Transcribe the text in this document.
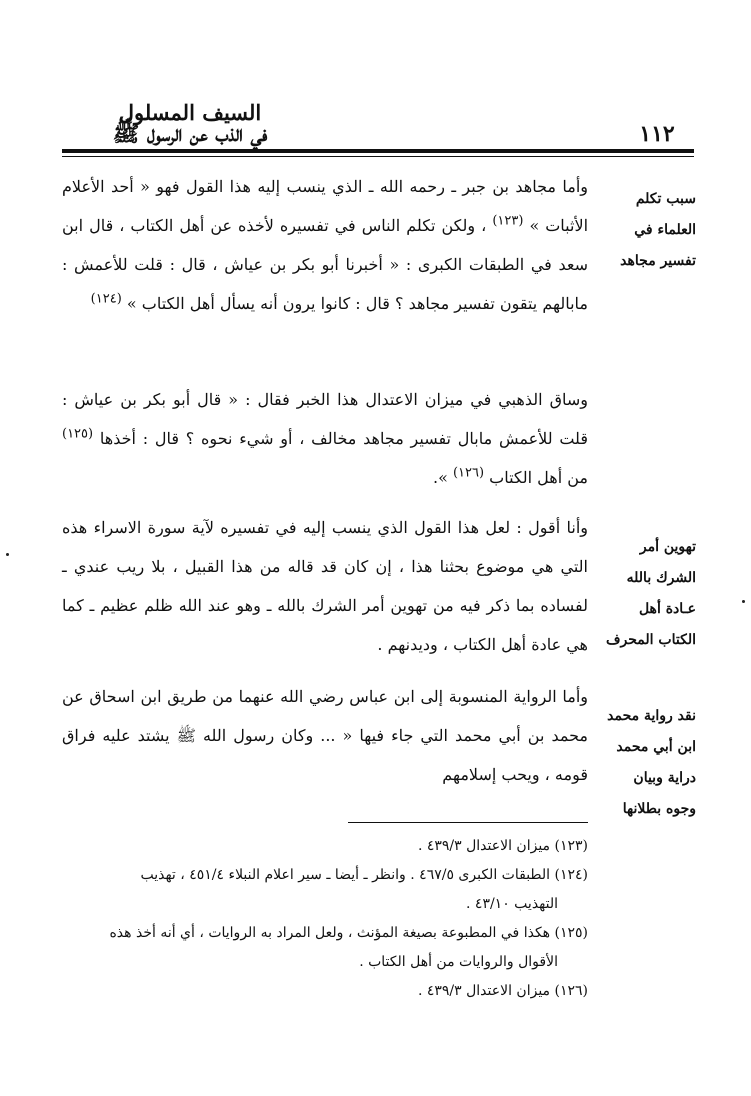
السيف المسلول
في الذب عن الرسول ﷺ	١١٢
سبب تكلم العلماء في تفسير مجاهد
تهوين أمر الشرك بالله عـادة أهل الكتاب المحرف
نقد رواية محمد ابن أبي محمد دراية وبيان وجوه بطلانها

وأما مجاهد بن جبر ـ رحمه الله ـ الذي ينسب إليه هذا القول فهو « أحد الأعلام الأثبات » $^{(١٢٣)}$ ، ولكن تكلم الناس في تفسيره لأخذه عن أهل الكتاب ، قال ابن سعد في الطبقات الكبرى : « أخبرنا أبو بكر بن عياش ، قال : قلت للأعمش : مابالهم يتقون تفسير مجاهد ؟ قال : كانوا يرون أنه يسأل أهل الكتاب » $^{(١٢٤)}$

وساق الذهبي في ميزان الاعتدال هذا الخبر فقال : « قال أبو بكر بن عياش : قلت للأعمش مابال تفسير مجاهد مخالف ، أو شيء نحوه ؟ قال : أخذها $^{(١٢٥)}$ من أهل الكتاب $^{(١٢٦)}$ ».

وأنا أقول : لعل هذا القول الذي ينسب إليه في تفسيره لآية سورة الاسراء هذه التي هي موضوع بحثنا هذا ، إن كان قد قاله من هذا القبيل ، بلا ريب عندي ـ لفساده بما ذكر فيه من تهوين أمر الشرك بالله ـ وهو عند الله ظلم عظيم ـ كما هي عادة أهل الكتاب ، وديدنهم .

وأما الرواية المنسوبة إلى ابن عباس رضي الله عنهما من طريق ابن اسحاق عن محمد بن أبي محمد التي جاء فيها « ... وكان رسول الله ﷺ يشتد عليه فراق قومه ، ويحب إسلامهم

(١٢٣) ميزان الاعتدال ٤٣٩/٣ .

(١٢٤) الطبقات الكبرى ٤٦٧/٥ . وانظر ـ أيضا ـ سير اعلام النبلاء ٤٥١/٤ ، تهذيب

التهذيب ٤٣/١٠ .

(١٢٥) هكذا في المطبوعة بصيغة المؤنث ، ولعل المراد به الروايات ، أي أنه أخذ هذه

الأقوال والروايات من أهل الكتاب .

(١٢٦) ميزان الاعتدال ٤٣٩/٣ .
